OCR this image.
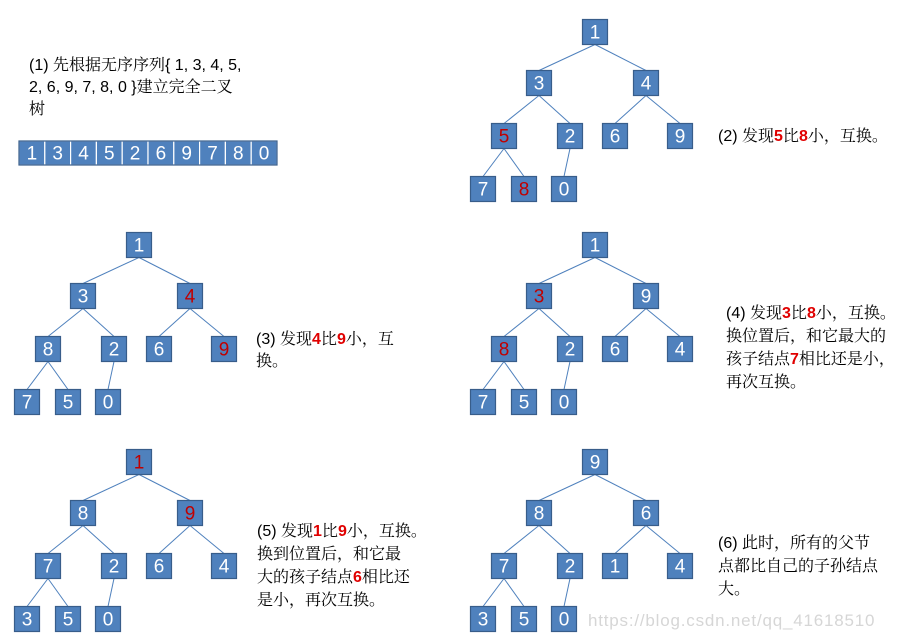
1 3 4 5 2 6 9 7 8 0
1
3	4
5	2 6	9
7 8 0
1
3	4
8	2 6	9
7 5 0
1
3	9
8	2 6	4
7 5 0
1
8	9
7	2 6	4
3 5 0
9
8	6
7	2 1	4
3 5 0
(1) 先根据无序序列{ 1, 3, 4, 5,
2, 6, 9, 7, 8, 0 }建立完全二叉
树
(2) 发现5比8小，互换。
(3) 发现4比9小，互
换。
(4) 发现3比8小，互换。
换位置后，和它最大的
孩子结点7相比还是小，
再次互换。
(5) 发现1比9小，互换。
换到位置后，和它最
大的孩子结点6相比还
是小，再次互换。
(6) 此时，所有的父节
点都比自己的子孙结点
大。
https://blog.csdn.net/qq_41618510
